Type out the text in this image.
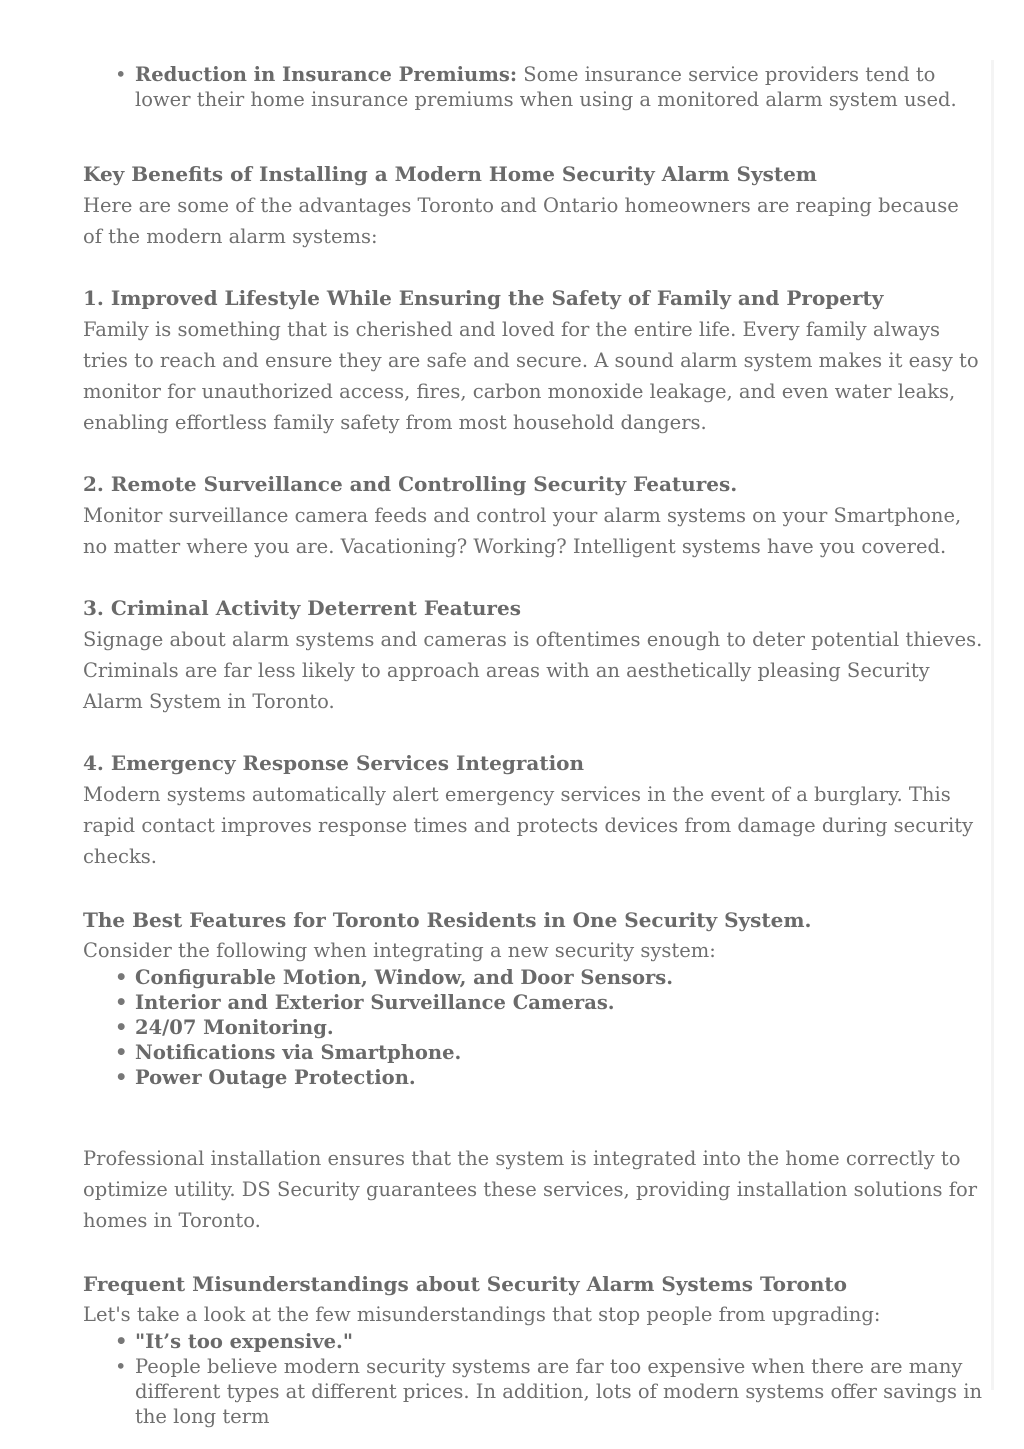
• Reduction in Insurance Premiums: Some insurance service providers tend to lower their home insurance premiums when using a monitored alarm system used.
Key Benefits of Installing a Modern Home Security Alarm System

Here are some of the advantages Toronto and Ontario homeowners are reaping because of the modern alarm systems:

1. Improved Lifestyle While Ensuring the Safety of Family and Property

Family is something that is cherished and loved for the entire life. Every family always tries to reach and ensure they are safe and secure. A sound alarm system makes it easy to monitor for unauthorized access, fires, carbon monoxide leakage, and even water leaks, enabling effortless family safety from most household dangers.

2. Remote Surveillance and Controlling Security Features.

Monitor surveillance camera feeds and control your alarm systems on your Smartphone, no matter where you are. Vacationing? Working? Intelligent systems have you covered.

3. Criminal Activity Deterrent Features

Signage about alarm systems and cameras is oftentimes enough to deter potential thieves. Criminals are far less likely to approach areas with an aesthetically pleasing Security Alarm System in Toronto.

4. Emergency Response Services Integration

Modern systems automatically alert emergency services in the event of a burglary. This rapid contact improves response times and protects devices from damage during security checks.

The Best Features for Toronto Residents in One Security System.

Consider the following when integrating a new security system:

• Configurable Motion, Window, and Door Sensors.
• Interior and Exterior Surveillance Cameras.
• 24/07 Monitoring.
• Notifications via Smartphone.
• Power Outage Protection.

Professional installation ensures that the system is integrated into the home correctly to optimize utility. DS Security guarantees these services, providing installation solutions for homes in Toronto.

Frequent Misunderstandings about Security Alarm Systems Toronto

Let's take a look at the few misunderstandings that stop people from upgrading:

• "It’s too expensive."
• People believe modern security systems are far too expensive when there are many different types at different prices. In addition, lots of modern systems offer savings in the long term
